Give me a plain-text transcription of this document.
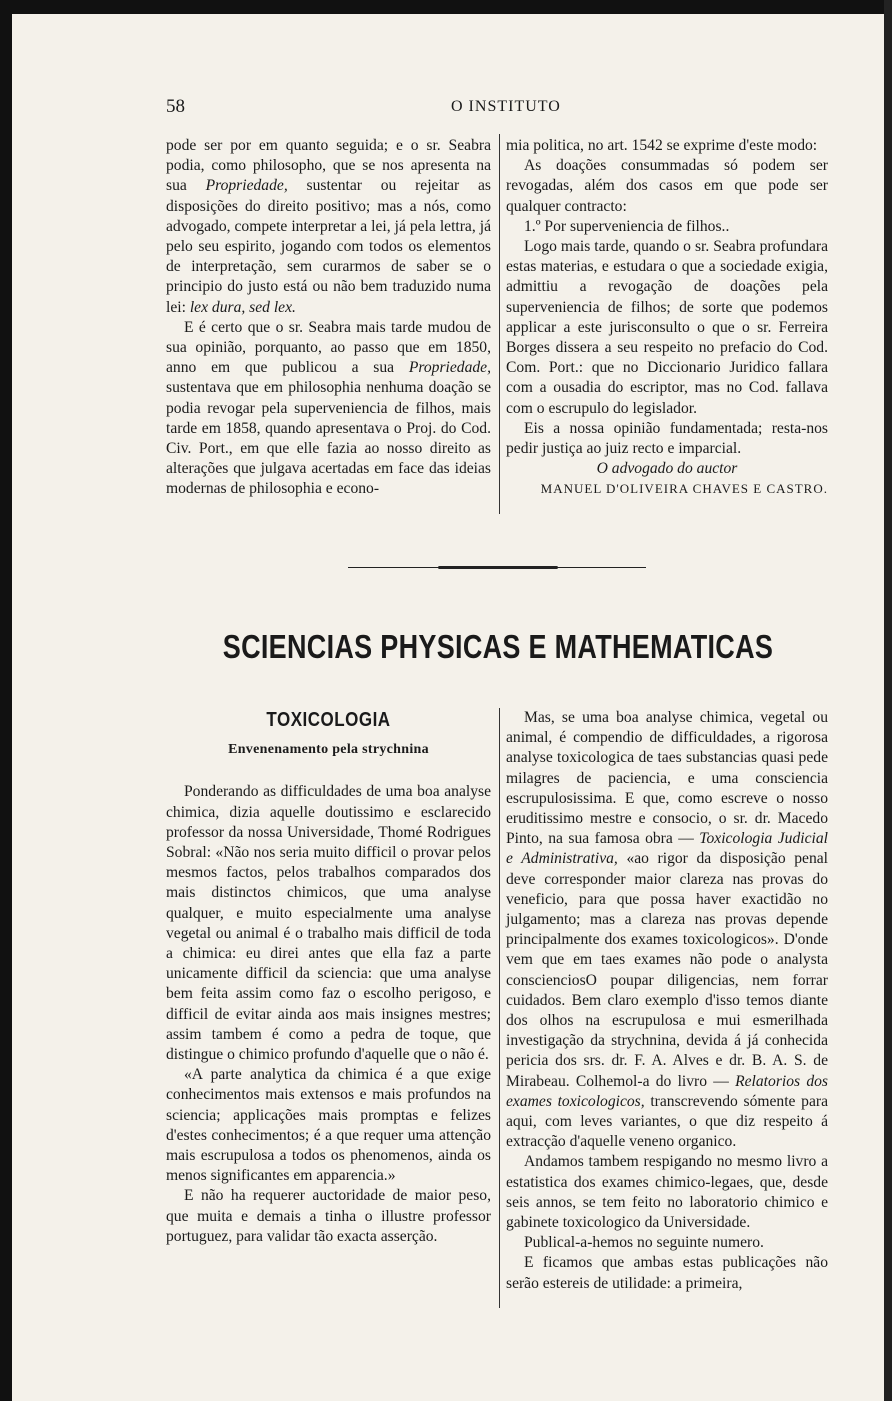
58	O INSTITUTO

pode ser por em quanto seguida; e o sr. Seabra podia, como philosopho, que se nos apresenta na sua Propriedade, sustentar ou rejeitar as disposições do direito positivo; mas a nós, como advogado, compete interpretar a lei, já pela lettra, já pelo seu espirito, jogando com todos os elementos de interpretação, sem curarmos de saber se o principio do justo está ou não bem traduzido numa lei: lex dura, sed lex.

E é certo que o sr. Seabra mais tarde mudou de sua opinião, porquanto, ao passo que em 1850, anno em que publicou a sua Propriedade, sustentava que em philosophia nenhuma doação se podia revogar pela superveniencia de filhos, mais tarde em 1858, quando apresentava o Proj. do Cod. Civ. Port., em que elle fazia ao nosso direito as alterações que julgava acertadas em face das ideias modernas de philosophia e econo-

mia politica, no art. 1542 se exprime d'este modo:

As doações consummadas só podem ser revogadas, além dos casos em que pode ser qualquer contracto:

1.º Por superveniencia de filhos..

Logo mais tarde, quando o sr. Seabra profundara estas materias, e estudara o que a sociedade exigia, admittiu a revogação de doações pela superveniencia de filhos; de sorte que podemos applicar a este jurisconsulto o que o sr. Ferreira Borges dissera a seu respeito no prefacio do Cod. Com. Port.: que no Diccionario Juridico fallara com a ousadia do escriptor, mas no Cod. fallava com o escrupulo do legislador.

Eis a nossa opinião fundamentada; resta-nos pedir justiça ao juiz recto e imparcial.

O advogado do auctor

MANUEL D'OLIVEIRA CHAVES E CASTRO.

SCIENCIAS PHYSICAS E MATHEMATICAS
TOXICOLOGIA
Envenenamento pela strychnina

Ponderando as difficuldades de uma boa analyse chimica, dizia aquelle doutissimo e esclarecido professor da nossa Universidade, Thomé Rodrigues Sobral: «Não nos seria muito difficil o provar pelos mesmos factos, pelos trabalhos comparados dos mais distinctos chimicos, que uma analyse qualquer, e muito especialmente uma analyse vegetal ou animal é o trabalho mais difficil de toda a chimica: eu direi antes que ella faz a parte unicamente difficil da sciencia: que uma analyse bem feita assim como faz o escolho perigoso, e difficil de evitar ainda aos mais insignes mestres; assim tambem é como a pedra de toque, que distingue o chimico profundo d'aquelle que o não é.

«A parte analytica da chimica é a que exige conhecimentos mais extensos e mais profundos na sciencia; applicações mais promptas e felizes d'estes conhecimentos; é a que requer uma attenção mais escrupulosa a todos os phenomenos, ainda os menos significantes em apparencia.»

E não ha requerer auctoridade de maior peso, que muita e demais a tinha o illustre professor portuguez, para validar tão exacta asserção.

Mas, se uma boa analyse chimica, vegetal ou animal, é compendio de difficuldades, a rigorosa analyse toxicologica de taes substancias quasi pede milagres de paciencia, e uma consciencia escrupulosissima. E que, como escreve o nosso eruditissimo mestre e consocio, o sr. dr. Macedo Pinto, na sua famosa obra — Toxicologia Judicial e Administrativa, «ao rigor da disposição penal deve corresponder maior clareza nas provas do veneficio, para que possa haver exactidão no julgamento; mas a clareza nas provas depende principalmente dos exames toxicologicos». D'onde vem que em taes exames não pode o analysta conscienciosO poupar diligencias, nem forrar cuidados. Bem claro exemplo d'isso temos diante dos olhos na escrupulosa e mui esmerilhada investigação da strychnina, devida á já conhecida pericia dos srs. dr. F. A. Alves e dr. B. A. S. de Mirabeau. Colhemol-a do livro — Relatorios dos exames toxicologicos, transcrevendo sómente para aqui, com leves variantes, o que diz respeito á extracção d'aquelle veneno organico.

Andamos tambem respigando no mesmo livro a estatistica dos exames chimico-legaes, que, desde seis annos, se tem feito no laboratorio chimico e gabinete toxicologico da Universidade.

Publical-a-hemos no seguinte numero.

E ficamos que ambas estas publicações não serão estereis de utilidade: a primeira,
